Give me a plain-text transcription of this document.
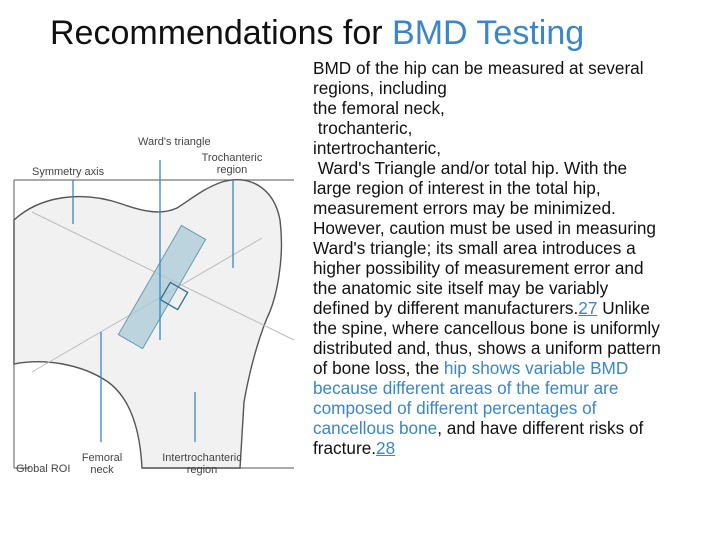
Recommendations for BMD Testing
Ward's triangle
Trochanteric region
Symmetry axis
Femoral neck
Intertrochanteric region
Global ROI
BMD of the hip can be measured at several
regions, including
the femoral neck,
trochanteric,
intertrochanteric,
Ward's Triangle and/or total hip. With the
large region of interest in the total hip,
measurement errors may be minimized.
However, caution must be used in measuring
Ward's triangle; its small area introduces a
higher possibility of measurement error and
the anatomic site itself may be variably
defined by different manufacturers.27 Unlike
the spine, where cancellous bone is uniformly
distributed and, thus, shows a uniform pattern
of bone loss, the hip shows variable BMD
because different areas of the femur are
composed of different percentages of
cancellous bone, and have different risks of
fracture.28
